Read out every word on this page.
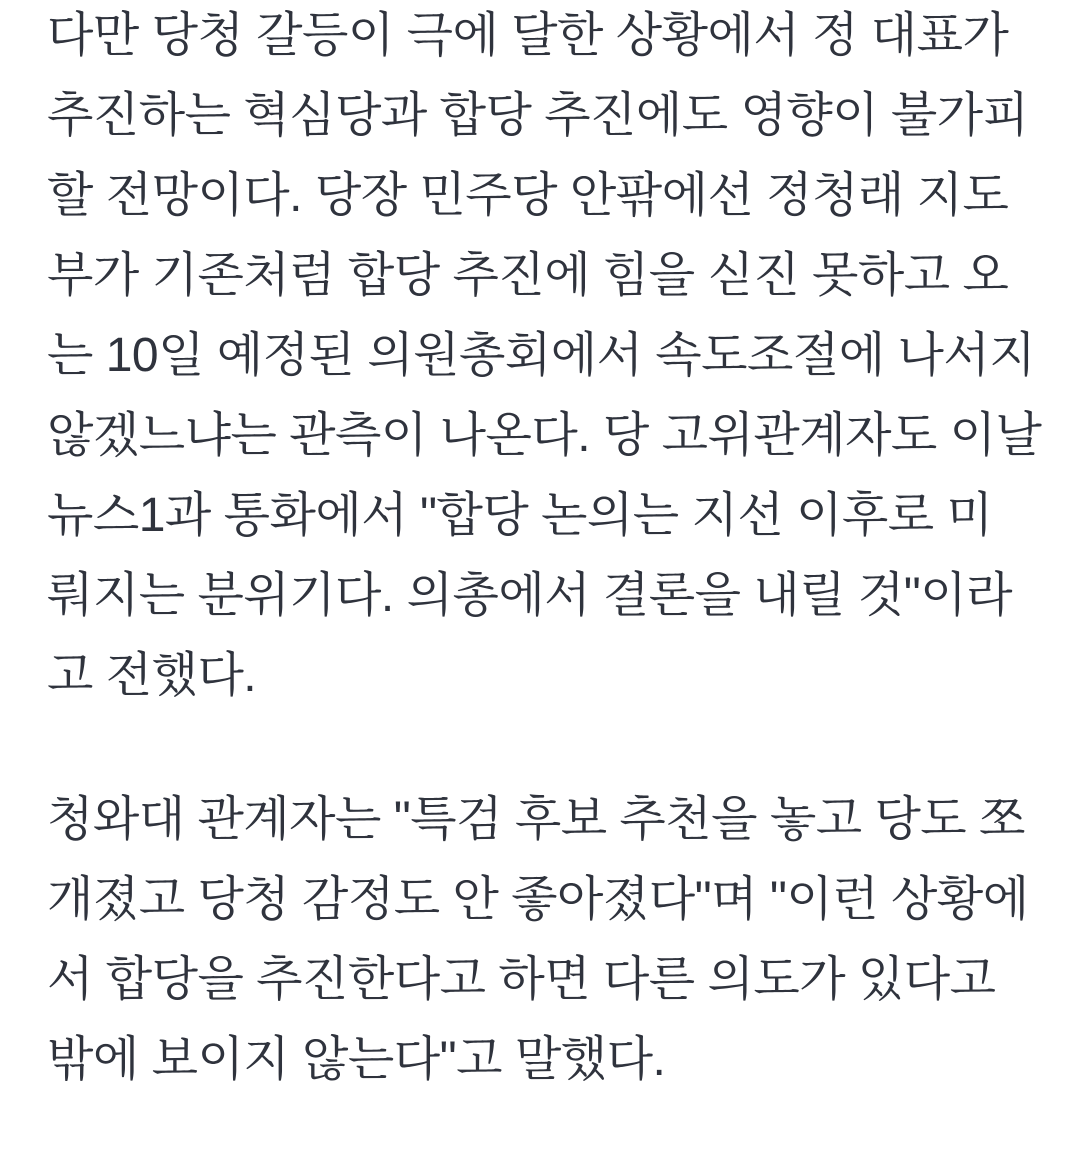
다만 당청 갈등이 극에 달한 상황에서 정 대표가
추진하는 혁심당과 합당 추진에도 영향이 불가피
할 전망이다. 당장 민주당 안팎에선 정청래 지도
부가 기존처럼 합당 추진에 힘을 싣진 못하고 오
는 10일 예정된 의원총회에서 속도조절에 나서지
않겠느냐는 관측이 나온다. 당 고위관계자도 이날
뉴스1과 통화에서 "합당 논의는 지선 이후로 미
뤄지는 분위기다. 의총에서 결론을 내릴 것"이라
고 전했다.
청와대 관계자는 "특검 후보 추천을 놓고 당도 쪼
개졌고 당청 감정도 안 좋아졌다"며 "이런 상황에
서 합당을 추진한다고 하면 다른 의도가 있다고
밖에 보이지 않는다"고 말했다.
